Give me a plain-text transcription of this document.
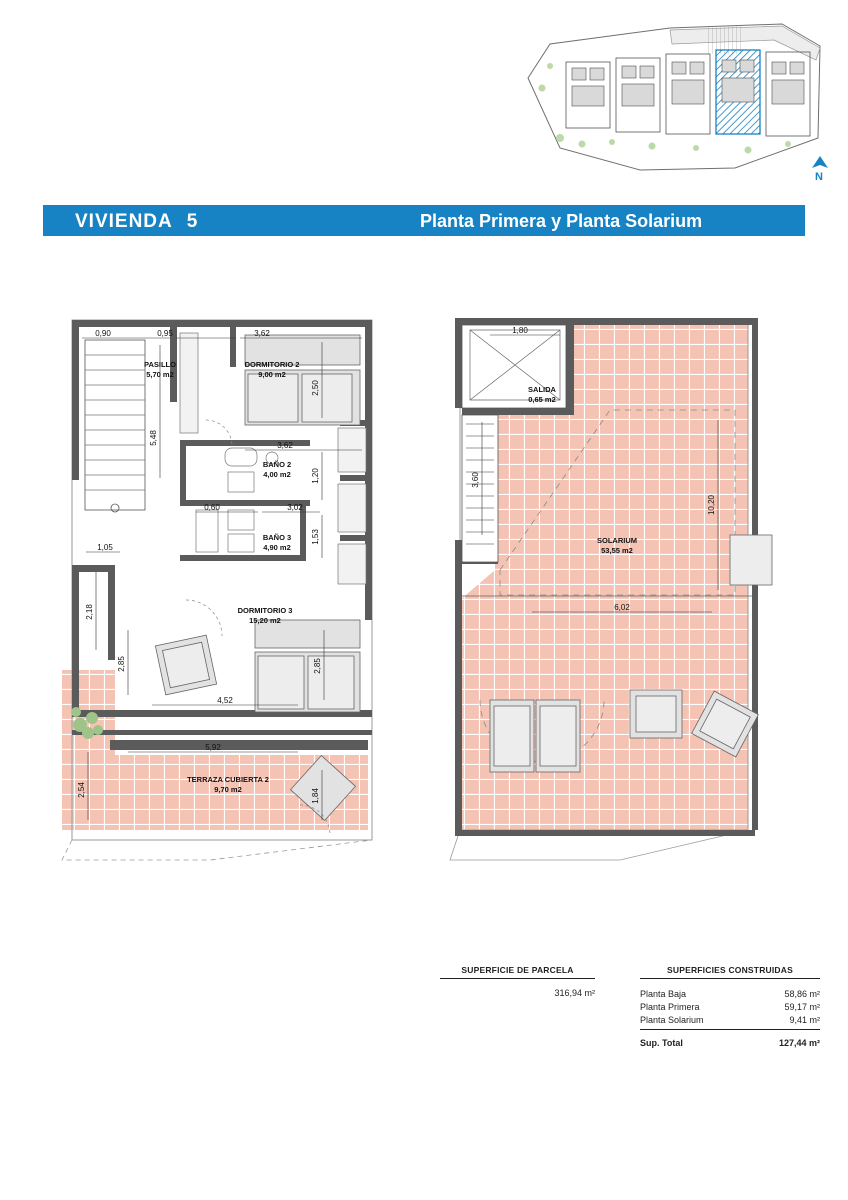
N
VIVIENDA 5	Planta Primera y Planta Solarium
0,90	0,95	3,62
2,50
5,48	3,62
1,20
0,60	3,02
1,53
1,05
2,18
2,85	2,85
4,52
5,92
2,54	1,84
PASILLO
5,70 m2
DORMITORIO 2
9,00 m2
BAÑO 2
4,00 m2
BAÑO 3
4,90 m2
DORMITORIO 3
15,20 m2
TERRAZA CUBIERTA 2
9,70 m2
1,80
3,60
10,20
6,02
SALIDA
0,65 m2
SOLARIUM
53,55 m2
SUPERFICIE DE PARCELA
316,94 m²
SUPERFICIES CONSTRUIDAS
Planta Baja	58,86 m²
Planta Primera	59,17 m²
Planta Solarium	9,41 m²
Sup. Total	127,44 m²
